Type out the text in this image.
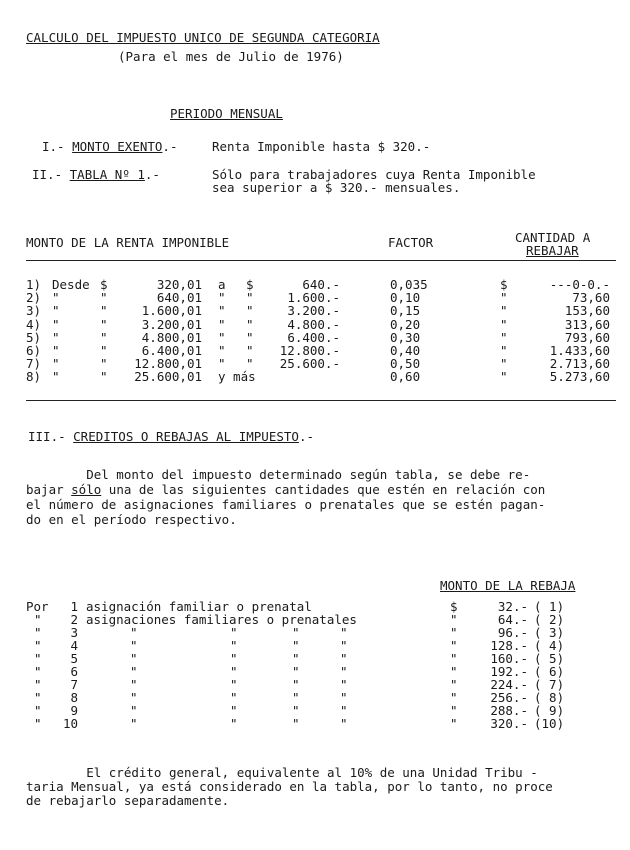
CALCULO DEL IMPUESTO UNICO DE SEGUNDA CATEGORIA
(Para el mes de Julio de 1976)
PERIODO MENSUAL
I.- MONTO EXENTO.-	Renta Imponible hasta $ 320.-
II.- TABLA Nº 1.-	Sólo para trabajadores cuya Renta Imponible
sea superior a $ 320.- mensuales.
MONTO DE LA RENTA IMPONIBLE	FACTOR	CANTIDAD A
REBAJAR
1) Desde $	320,01 a $	640.-	0,035	$	---0-0.-
2) "	"	640,01 " "	1.600.-	0,10	"	73,60
3) "	"	1.600,01 " "	3.200.-	0,15	"	153,60
4) "	"	3.200,01 " "	4.800.-	0,20	"	313,60
5) "	"	4.800,01 " "	6.400.-	0,30	"	793,60
6) "	"	6.400,01 " "	12.800.-	0,40	"	1.433,60
7) "	"	12.800,01 " "	25.600.-	0,50	"	2.713,60
8) "	"	25.600,01 y más	0,60	"	5.273,60
III.- CREDITOS O REBAJAS AL IMPUESTO.-
Del monto del impuesto determinado según tabla, se debe re-
bajar sólo una de las siguientes cantidades que estén en relación con
el número de asignaciones familiares o prenatales que se estén pagan-
do en el período respectivo.
MONTO DE LA REBAJA
Por	1 asignación familiar o prenatal	$	32.- ( 1)
"	2 asignaciones familiares o prenatales	"	64.- ( 2)
"	3	"	"	"	"	"	96.- ( 3)
"	4	"	"	"	"	"	128.- ( 4)
"	5	"	"	"	"	"	160.- ( 5)
"	6	"	"	"	"	"	192.- ( 6)
"	7	"	"	"	"	"	224.- ( 7)
"	8	"	"	"	"	"	256.- ( 8)
"	9	"	"	"	"	"	288.- ( 9)
"	10	"	"	"	"	"	320.- (10)
El crédito general, equivalente al 10% de una Unidad Tribu -
taria Mensual, ya está considerado en la tabla, por lo tanto, no proce
de rebajarlo separadamente.
